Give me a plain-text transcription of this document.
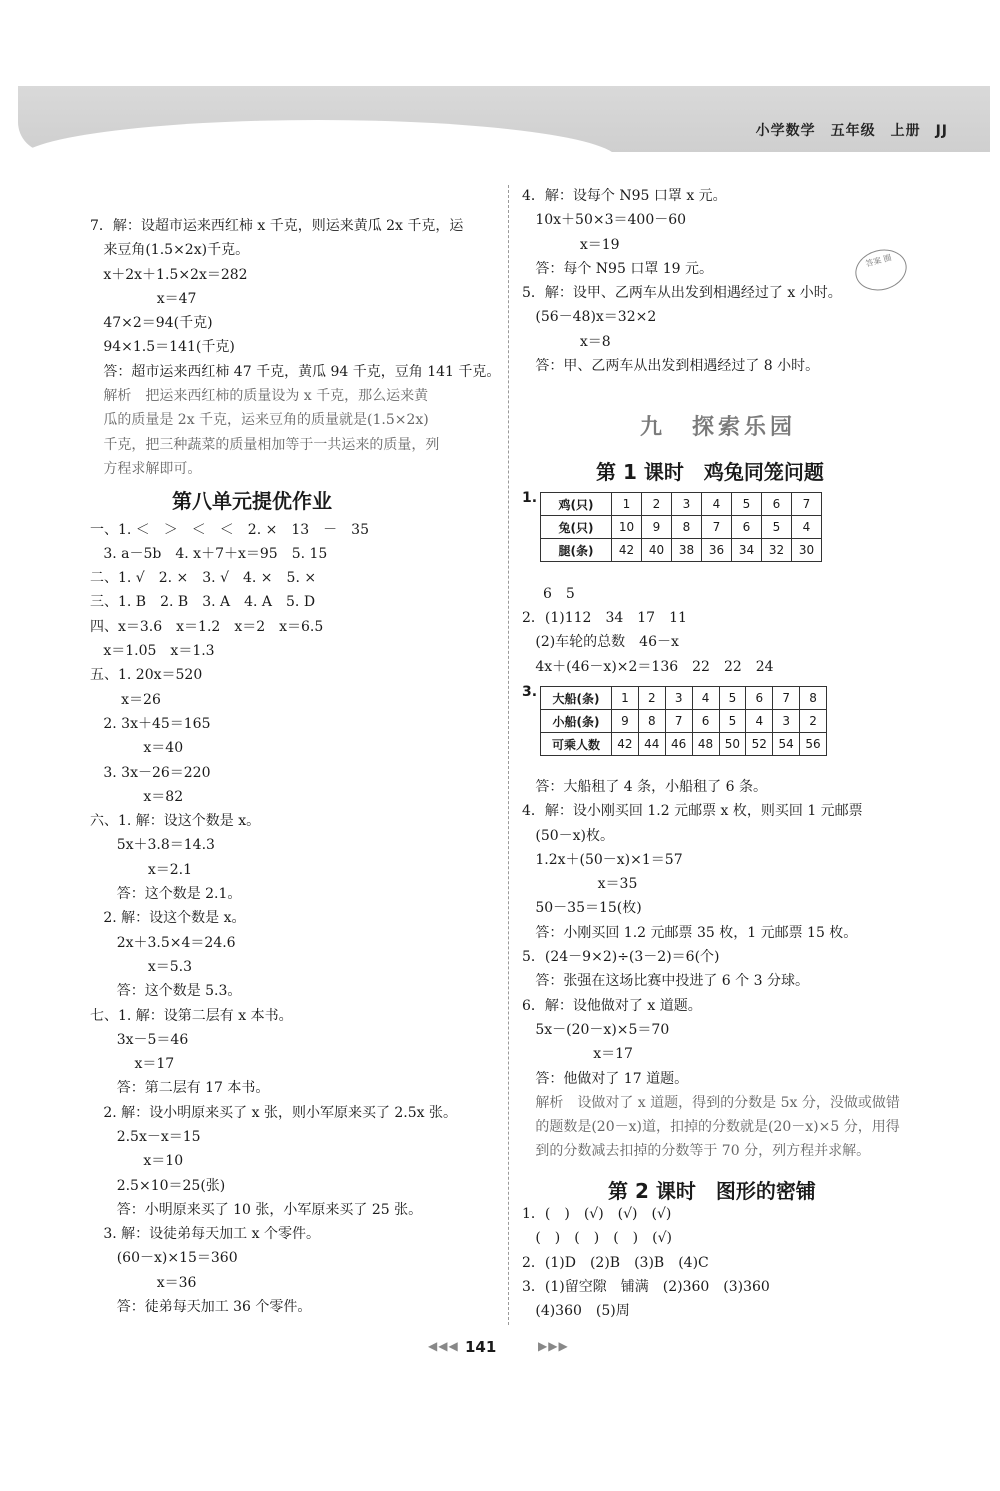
小学数学　五年级　上册　JJ
7．解：设超市运来西红柿 x 千克，则运来黄瓜 2x 千克，运
来豆角(1.5×2x)千克。
x＋2x＋1.5×2x＝282
x＝47
47×2＝94(千克)
94×1.5＝141(千克)
答：超市运来西红柿 47 千克，黄瓜 94 千克，豆角 141 千克。
解析　把运来西红柿的质量设为 x 千克，那么运来黄
瓜的质量是 2x 千克，运来豆角的质量就是(1.5×2x)
千克，把三种蔬菜的质量相加等于一共运来的质量，列
方程求解即可。
第八单元提优作业
一、1. ＜　＞　＜　＜　2. ×　13　－　35
3. a－5b　4. x＋7＋x＝95　5. 15
二、1. √　2. ×　3. √　4. ×　5. ×
三、1. B　2. B　3. A　4. A　5. D
四、x＝3.6　x＝1.2　x＝2　x＝6.5
x＝1.05　x＝1.3
五、1. 20x＝520
x＝26
2. 3x＋45＝165
x＝40
3. 3x－26＝220
x＝82
六、1. 解：设这个数是 x。
5x＋3.8＝14.3
x＝2.1
答：这个数是 2.1。
2. 解：设这个数是 x。
2x＋3.5×4＝24.6
x＝5.3
答：这个数是 5.3。
七、1. 解：设第二层有 x 本书。
3x－5＝46
x＝17
答：第二层有 17 本书。
2. 解：设小明原来买了 x 张，则小军原来买了 2.5x 张。
2.5x－x＝15
x＝10
2.5×10＝25(张)
答：小明原来买了 10 张，小军原来买了 25 张。
3. 解：设徒弟每天加工 x 个零件。
(60－x)×15＝360
x＝36
答：徒弟每天加工 36 个零件。
4．解：设每个 N95 口罩 x 元。
10x＋50×3＝400－60
x＝19
答：每个 N95 口罩 19 元。
5．解：设甲、乙两车从出发到相遇经过了 x 小时。
(56－48)x＝32×2
x＝8
答：甲、乙两车从出发到相遇经过了 8 小时。
九　探索乐园
第 1 课时　鸡兔同笼问题
1. 鸡(只)	1	2	3	4	5	6	7
兔(只)	10	9	8	7	6	5	4
腿(条)	42	40	38	36	34	32	30
6　5
2．(1)112　34　17　11
(2)车轮的总数　46－x
4x＋(46－x)×2＝136　22　22　24
3. 大船(条)	1	2	3	4	5	6	7	8
小船(条)	9	8	7	6	5	4	3	2
可乘人数	42	44	46	48	50	52	54	56
答：大船租了 4 条，小船租了 6 条。
4．解：设小刚买回 1.2 元邮票 x 枚，则买回 1 元邮票
(50－x)枚。
1.2x＋(50－x)×1＝57
x＝35
50－35＝15(枚)
答：小刚买回 1.2 元邮票 35 枚，1 元邮票 15 枚。
5．(24－9×2)÷(3－2)＝6(个)
答：张强在这场比赛中投进了 6 个 3 分球。
6．解：设他做对了 x 道题。
5x－(20－x)×5＝70
x＝17
答：他做对了 17 道题。
解析　设做对了 x 道题，得到的分数是 5x 分，没做或做错
的题数是(20－x)道，扣掉的分数就是(20－x)×5 分，用得
到的分数减去扣掉的分数等于 70 分，列方程并求解。
第 2 课时　图形的密铺
1．(　)　(√)　(√)　(√)
(　)　(　)　(　)　(√)
2．(1)D　(2)B　(3)B　(4)C
3．(1)留空隙　铺满　(2)360　(3)360
(4)360　(5)周
答案 圈
◀◀◀ 141	▶▶▶
